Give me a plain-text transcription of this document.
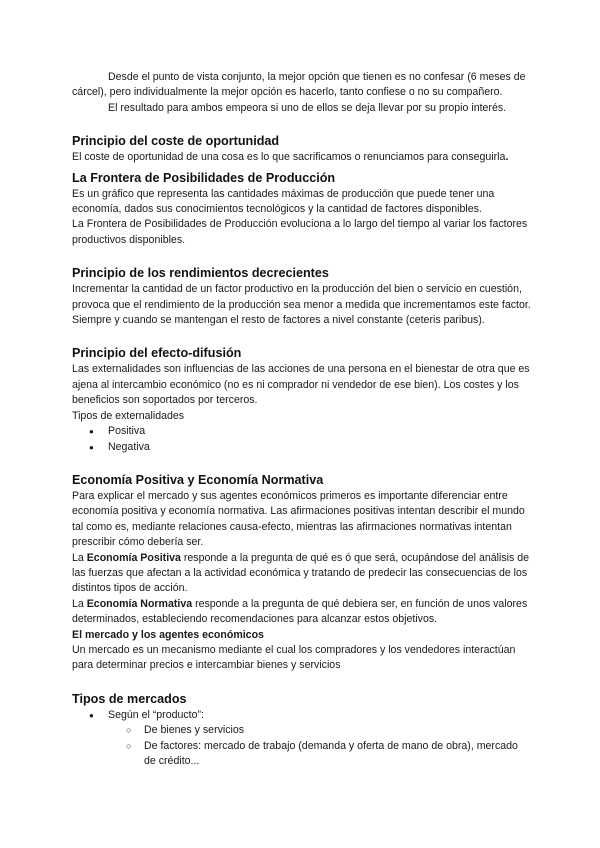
Desde el punto de vista conjunto, la mejor opción que tienen es no confesar (6 meses de cárcel), pero individualmente la mejor opción es hacerlo, tanto confiese o no su compañero.

El resultado para ambos empeora si uno de ellos se deja llevar por su propio interés.

Principio del coste de oportunidad

El coste de oportunidad de una cosa es lo que sacrificamos o renunciamos para conseguirla.

La Frontera de Posibilidades de Producción

Es un gráfico que representa las cantidades máximas de producción que puede tener una economía, dados sus conocimientos tecnológicos y la cantidad de factores disponibles.

La Frontera de Posibilidades de Producción evoluciona a lo largo del tiempo al variar los factores productivos disponibles.

Principio de los rendimientos decrecientes

Incrementar la cantidad de un factor productivo en la producción del bien o servicio en cuestión, provoca que el rendimiento de la producción sea menor a medida que incrementamos este factor. Siempre y cuando se mantengan el resto de factores a nivel constante (ceteris paribus).

Principio del efecto-difusión

Las externalidades son influencias de las acciones de una persona en el bienestar de otra que es ajena al intercambio económico (no es ni comprador ni vendedor de ese bien). Los costes y los beneficios son soportados por terceros.

Tipos de externalidades

● Positiva
● Negativa
Economía Positiva y Economía Normativa

Para explicar el mercado y sus agentes económicos primeros es importante diferenciar entre economía positiva y economía normativa. Las afirmaciones positivas intentan describir el mundo tal como es, mediante relaciones causa-efecto, mientras las afirmaciones normativas intentan prescribir cómo debería ser.

La Economía Positiva responde a la pregunta de qué es ó que será, ocupándose del análisis de las fuerzas que afectan a la actividad económica y tratando de predecir las consecuencias de los distintos tipos de acción.

La Economía Normativa responde a la pregunta de qué debiera ser, en función de unos valores determinados, estableciendo recomendaciones para alcanzar estos objetivos.

El mercado y los agentes económicos

Un mercado es un mecanismo mediante el cual los compradores y los vendedores interactúan para determinar precios e intercambiar bienes y servicios

Tipos de mercados
● Según el “producto”:
○ De bienes y servicios
○ De factores: mercado de trabajo (demanda y oferta de mano de obra), mercado de crédito...
